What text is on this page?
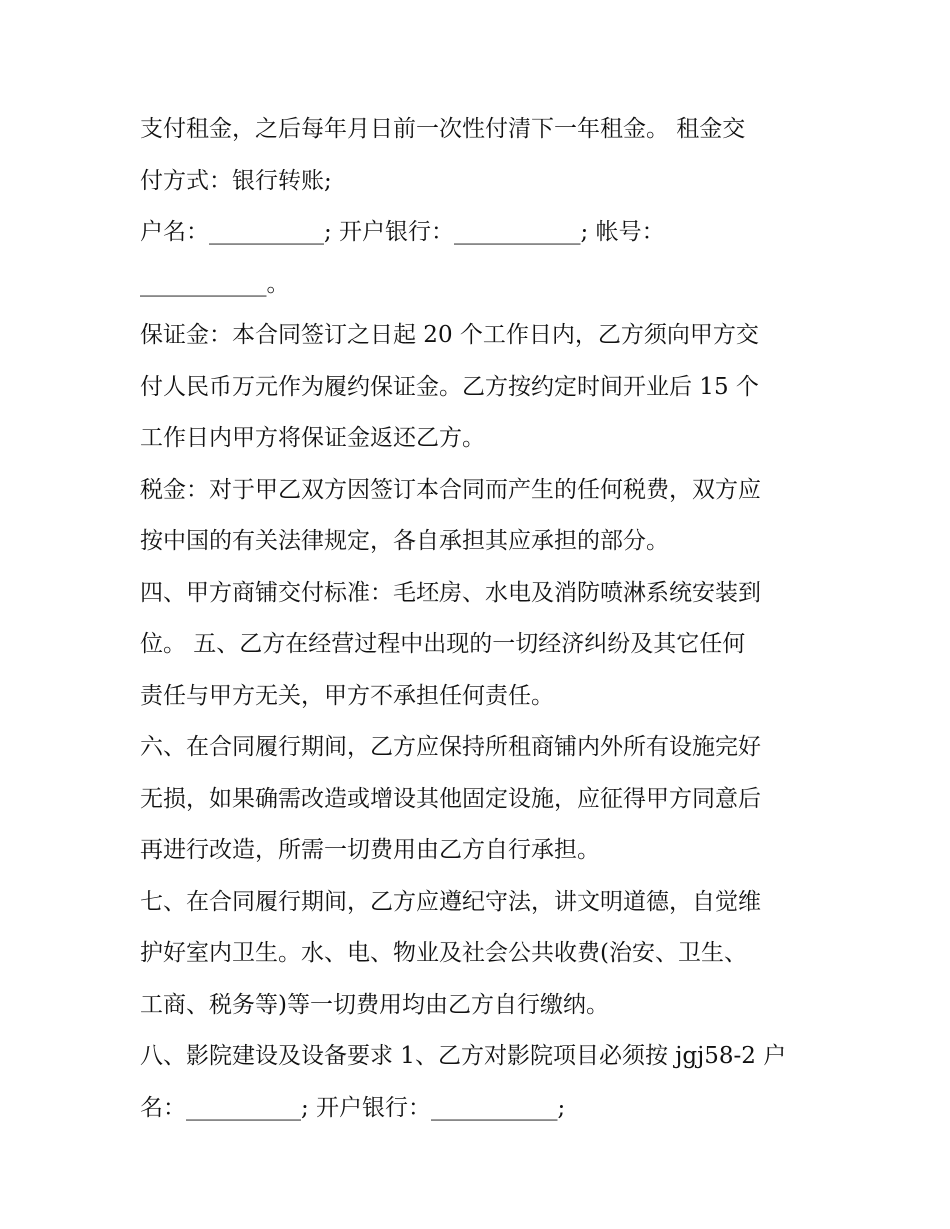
支付租金，之后每年月日前一次性付清下一年租金。 租金交
付方式：银行转账;
户名：__________; 开户银行：___________; 帐号：
___________。
保证金：本合同签订之日起 20 个工作日内，乙方须向甲方交
付人民币万元作为履约保证金。乙方按约定时间开业后 15 个
工作日内甲方将保证金返还乙方。
税金：对于甲乙双方因签订本合同而产生的任何税费，双方应
按中国的有关法律规定，各自承担其应承担的部分。
四、甲方商铺交付标准：毛坯房、水电及消防喷淋系统安装到
位。 五、乙方在经营过程中出现的一切经济纠纷及其它任何
责任与甲方无关，甲方不承担任何责任。
六、在合同履行期间，乙方应保持所租商铺内外所有设施完好
无损，如果确需改造或增设其他固定设施，应征得甲方同意后
再进行改造，所需一切费用由乙方自行承担。
七、在合同履行期间，乙方应遵纪守法，讲文明道德，自觉维
护好室内卫生。水、电、物业及社会公共收费(治安、卫生、
工商、税务等)等一切费用均由乙方自行缴纳。
八、影院建设及设备要求 1、乙方对影院项目必须按 jgj58-2 户
名：__________; 开户银行：___________;
